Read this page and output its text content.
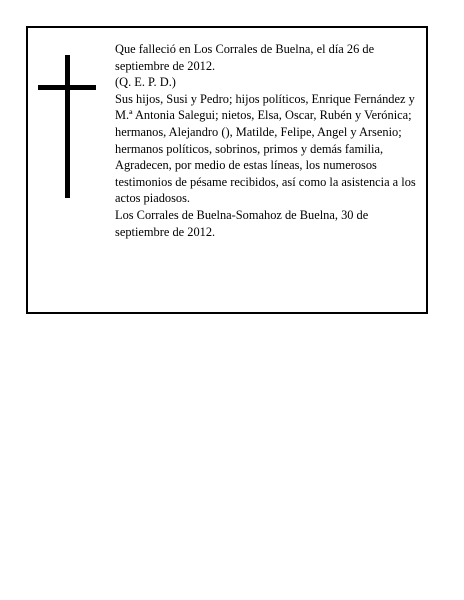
Que falleció en Los Corrales de Buelna, el día 26 de septiembre de 2012.

(Q. E. P. D.)

Sus hijos, Susi y Pedro; hijos políticos, Enrique Fernández y M.ª Antonia Salegui; nietos, Elsa, Oscar, Rubén y Verónica; hermanos, Alejandro (), Matilde, Felipe, Angel y Arsenio; hermanos políticos, sobrinos, primos y demás familia,

Agradecen, por medio de estas líneas, los numerosos testimonios de pésame recibidos, así como la asistencia a los actos piadosos.

Los Corrales de Buelna-Somahoz de Buelna, 30 de septiembre de 2012.
